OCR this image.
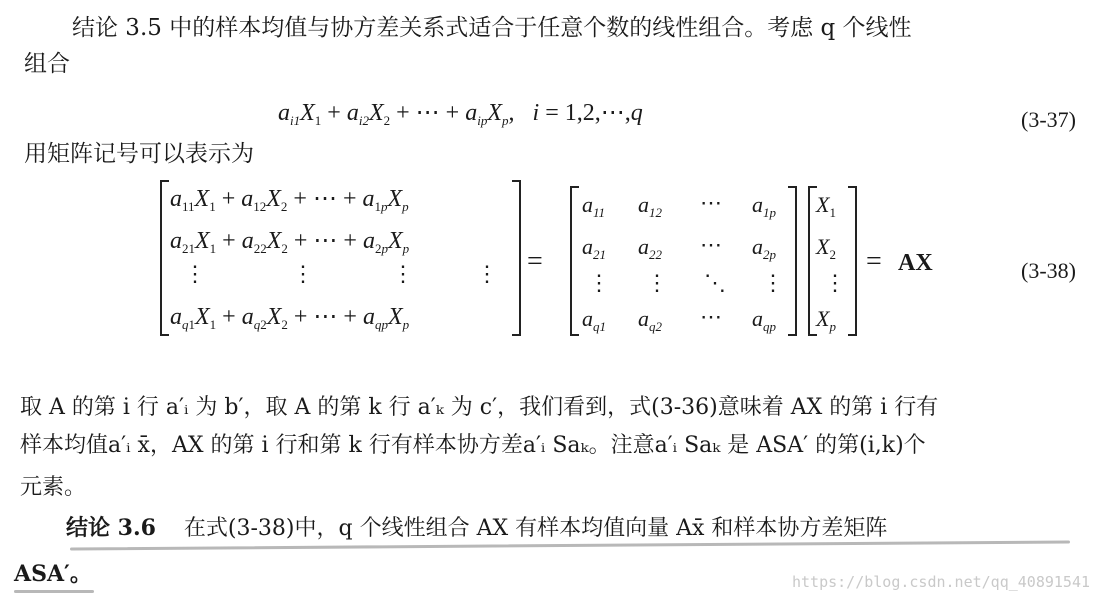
结论 3.5 中的样本均值与协方差关系式适合于任意个数的线性组合。考虑 q 个线性
组合
$a_{i1}X_1 + a_{i2}X_2$ + ⋯ + $a_{ip}X_p$,   i = 1,2,⋯,q	(3-37)
用矩阵记号可以表示为
$a_{11}X_1 + a_{12}X_2$ + ⋯ + $a_{1p}X_p$
$a_{21}X_1 + a_{22}X_2$ + ⋯ + $a_{2p}X_p$
⋮	⋮	⋮	⋮
$a_{q1}X_1 + a_{q2}X_2$ + ⋯ + $a_{qp}X_p$
=
$a_{11}$ $a_{12}$ ⋯ $a_{1p}$
$a_{21}$ $a_{22}$ ⋯ $a_{2p}$
⋮ ⋮ ⋱ ⋮
$a_{q1}$ $a_{q2}$ ⋯ $a_{qp}$
$X_1$
$X_2$
⋮
$X_p$
= AX	(3-38)
取 A 的第 i 行 a′ᵢ 为 b′，取 A 的第 k 行 a′ₖ 为 c′，我们看到，式(3-36)意味着 AX 的第 i 行有
样本均值a′ᵢ x̄，AX 的第 i 行和第 k 行有样本协方差a′ᵢ Saₖ。注意a′ᵢ Saₖ 是 ASA′ 的第(i,k)个
元素。
结论 3.6 在式(3-38)中，q 个线性组合 AX 有样本均值向量 Ax̄ 和样本协方差矩阵
ASA′。	https://blog.csdn.net/qq_40891541
